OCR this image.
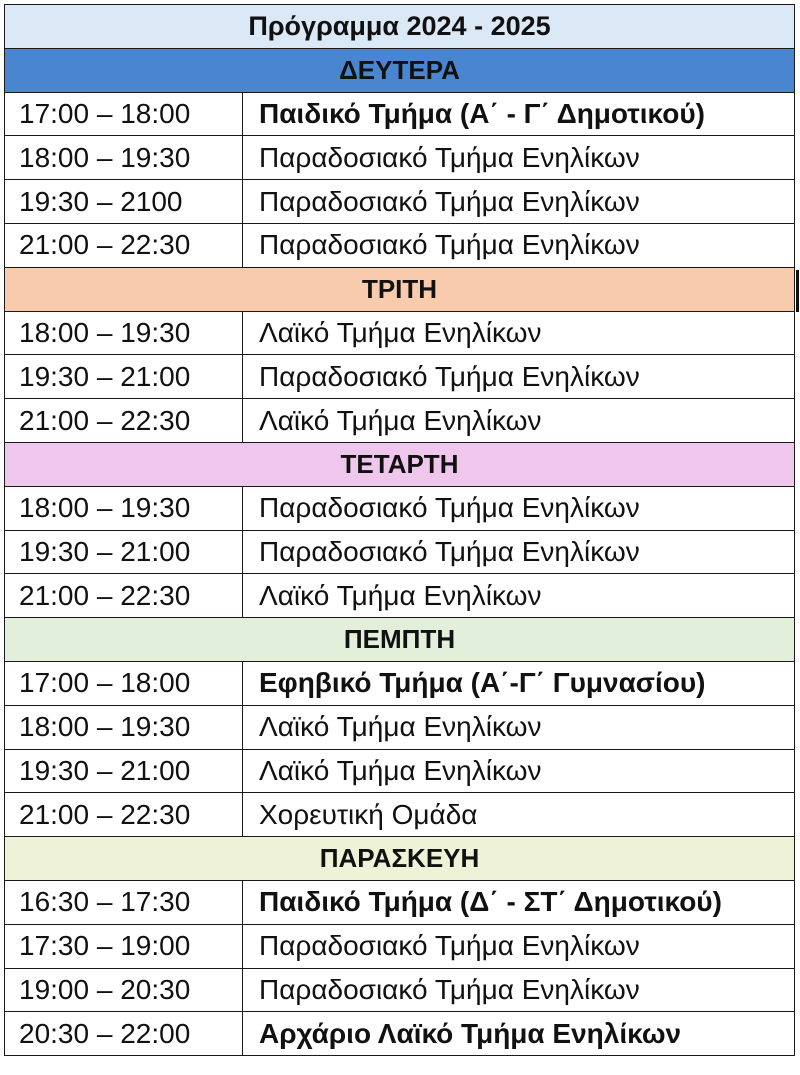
Πρόγραμμα 2024 - 2025	
ΔΕΥΤΕΡΑ	
17:00 – 18:00	Παιδικό Τμήμα (Α΄ - Γ΄ Δημοτικού)
18:00 – 19:30	Παραδοσιακό Τμήμα Ενηλίκων
19:30 – 2100	Παραδοσιακό Τμήμα Ενηλίκων
21:00 – 22:30	Παραδοσιακό Τμήμα Ενηλίκων
ΤΡΙΤΗ	
18:00 – 19:30	Λαϊκό Τμήμα Ενηλίκων
19:30 – 21:00	Παραδοσιακό Τμήμα Ενηλίκων
21:00 – 22:30	Λαϊκό Τμήμα Ενηλίκων
ΤΕΤΑΡΤΗ	
18:00 – 19:30	Παραδοσιακό Τμήμα Ενηλίκων
19:30 – 21:00	Παραδοσιακό Τμήμα Ενηλίκων
21:00 – 22:30	Λαϊκό Τμήμα Ενηλίκων
ΠΕΜΠΤΗ	
17:00 – 18:00	Εφηβικό Τμήμα (Α΄-Γ΄ Γυμνασίου)
18:00 – 19:30	Λαϊκό Τμήμα Ενηλίκων
19:30 – 21:00	Λαϊκό Τμήμα Ενηλίκων
21:00 – 22:30	Χορευτική Ομάδα
ΠΑΡΑΣΚΕΥΗ	
16:30 – 17:30	Παιδικό Τμήμα (Δ΄ - ΣΤ΄ Δημοτικού)
17:30 – 19:00	Παραδοσιακό Τμήμα Ενηλίκων
19:00 – 20:30	Παραδοσιακό Τμήμα Ενηλίκων
20:30 – 22:00	Αρχάριο Λαϊκό Τμήμα Ενηλίκων
